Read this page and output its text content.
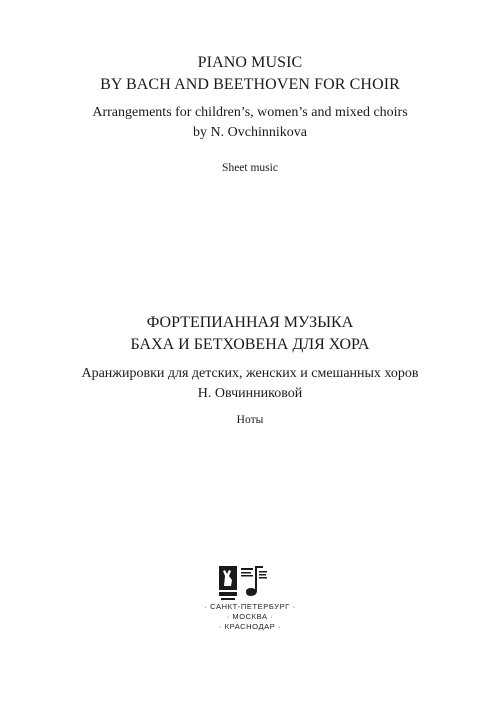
PIANO MUSIC
BY BACH AND BEETHOVEN FOR CHOIR
Arrangements for children’s, women’s and mixed choirs
by N. Ovchinnikova
Sheet music
ФОРТЕПИАННАЯ МУЗЫКА
БАХА И БЕТХОВЕНА ДЛЯ ХОРА
Аранжировки для детских, женских и смешанных хоров
Н. Овчинниковой
Ноты
· САНКТ-ПЕТЕРБУРГ ·
· МОСКВА ·
· КРАСНОДАР ·
